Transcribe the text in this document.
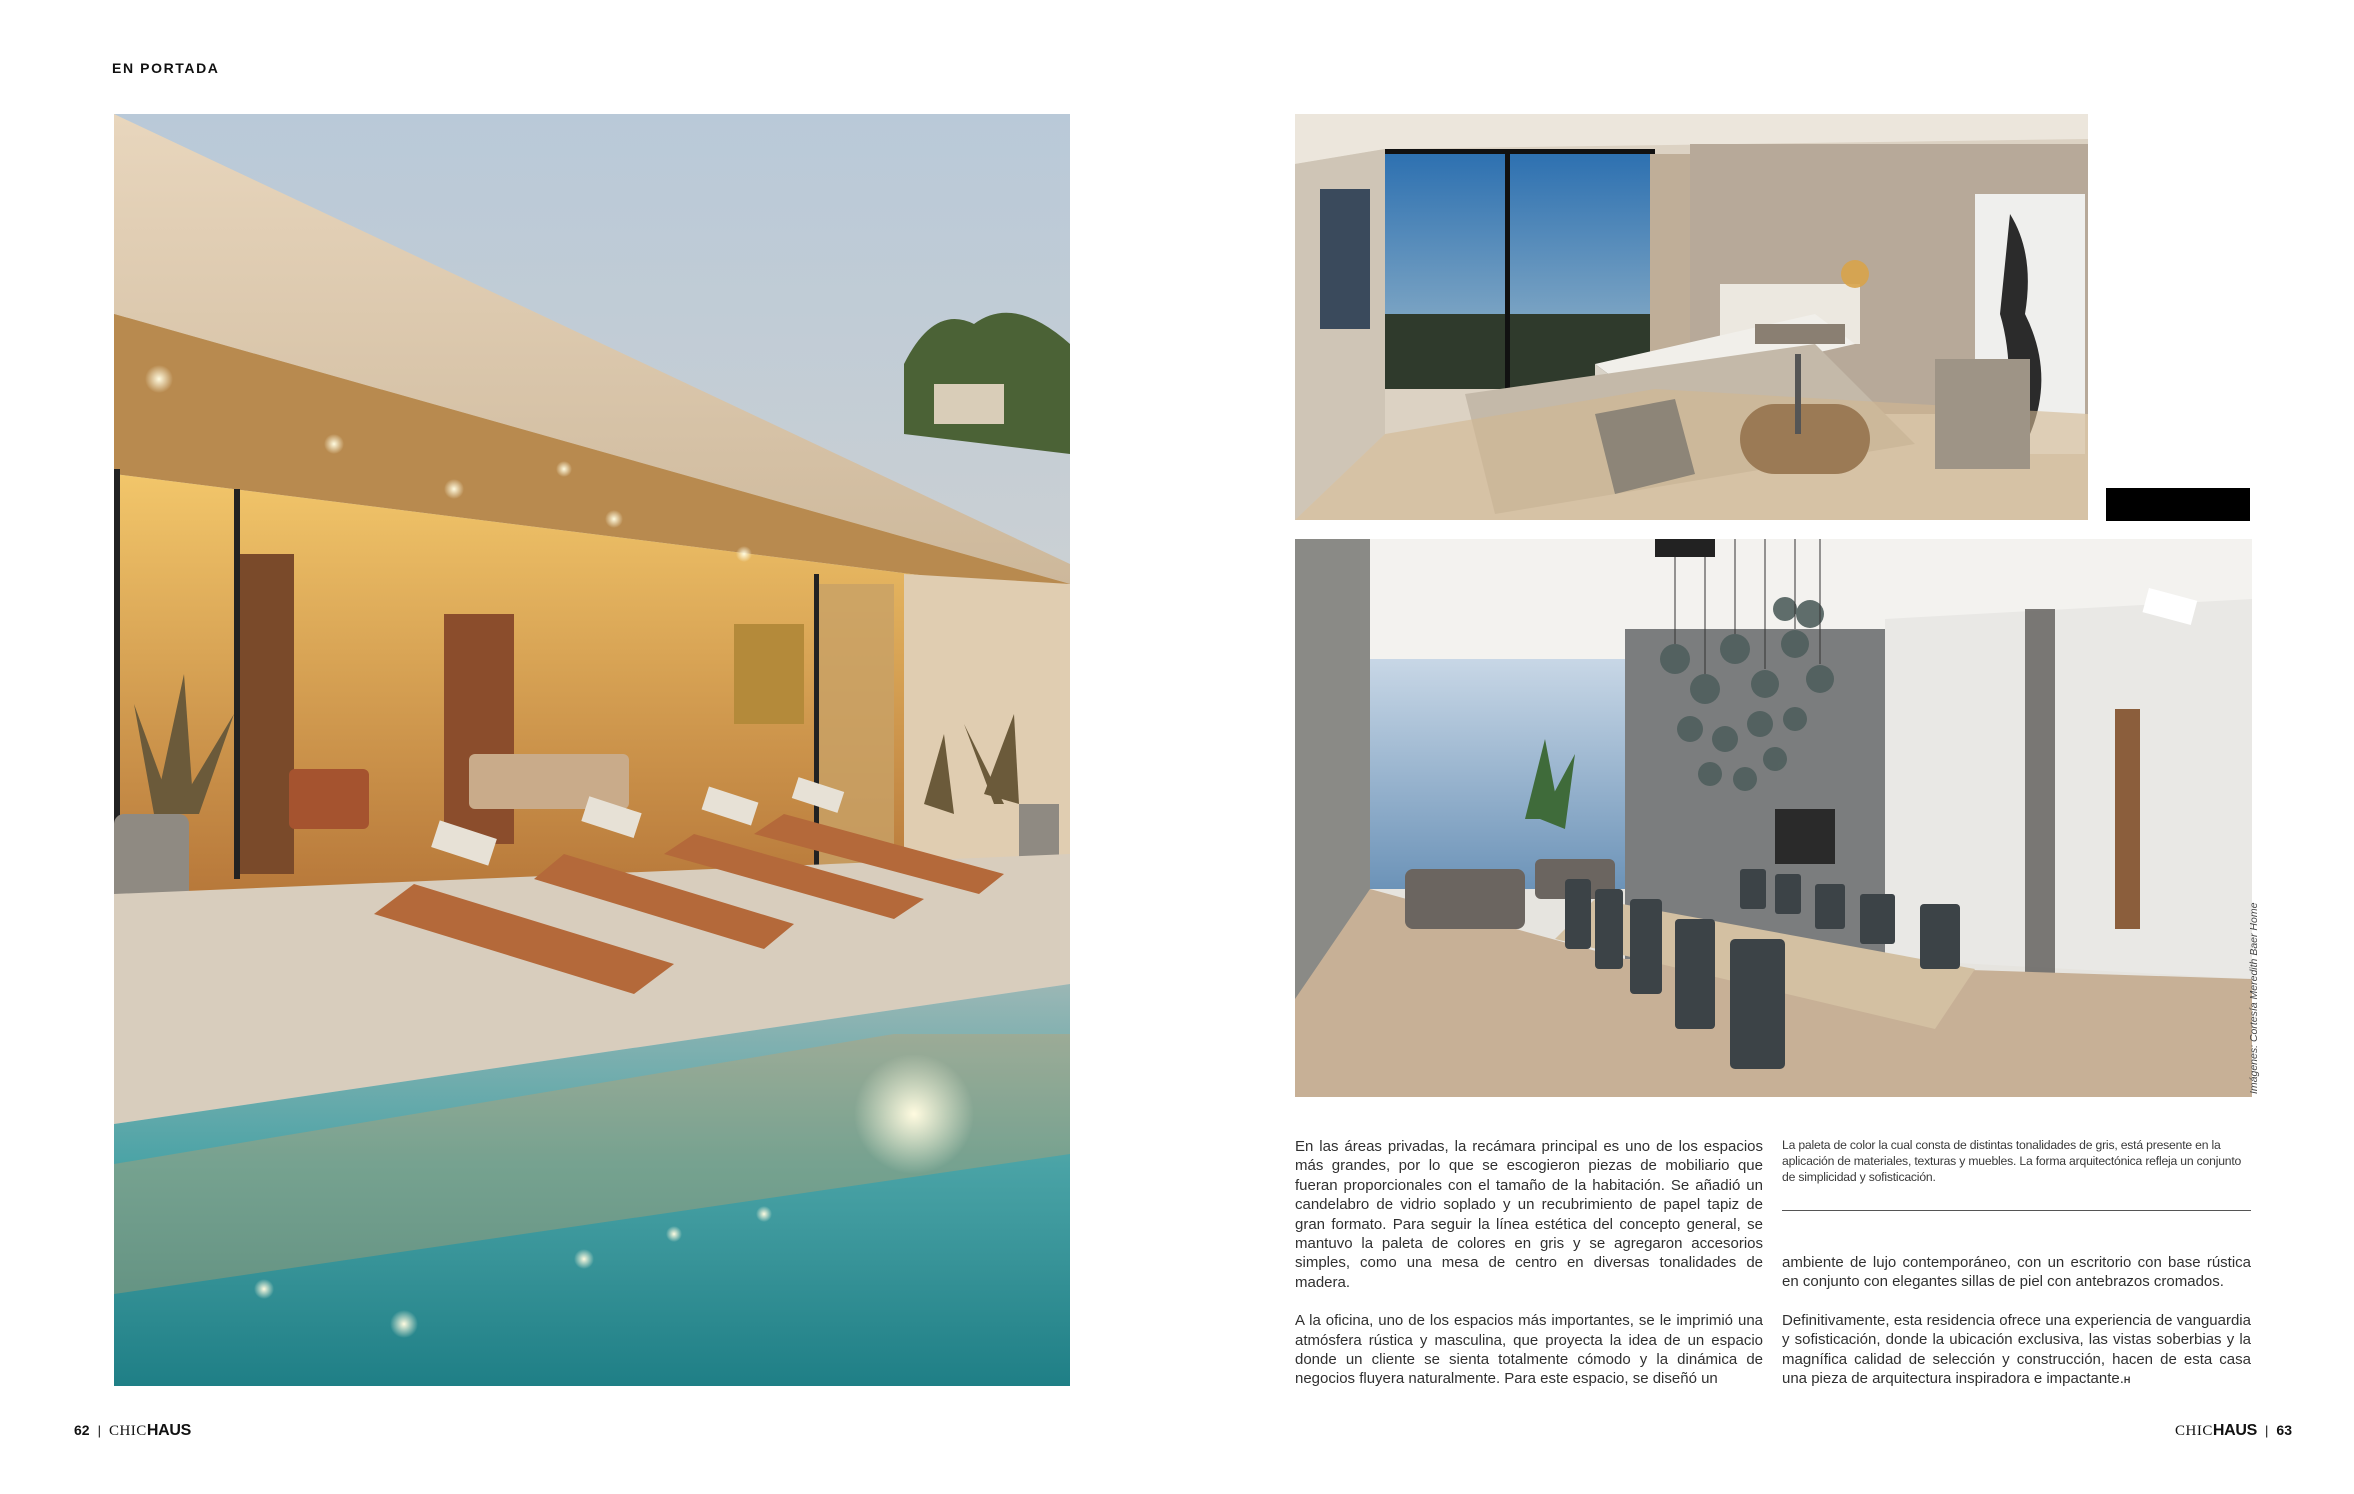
EN PORTADA
Imágenes: Cortesía Meredith Baer Home

En las áreas privadas, la recámara principal es uno de los espacios más grandes, por lo que se escogieron piezas de mobiliario que fueran proporcionales con el tamaño de la habitación. Se añadió un candelabro de vidrio soplado y un recubrimiento de papel tapiz de gran formato. Para seguir la línea estética del concepto general, se mantuvo la paleta de colores en gris y se agregaron accesorios simples, como una mesa de centro en diversas tonalidades de madera.

A la oficina, uno de los espacios más importantes, se le imprimió una atmósfera rústica y masculina, que proyecta la idea de un espacio donde un cliente se sienta totalmente cómodo y la dinámica de negocios fluyera naturalmente. Para este espacio, se diseñó un

La paleta de color la cual consta de distintas tonalidades de gris, está presente en la aplicación de materiales, texturas y muebles. La forma arquitectónica refleja un conjunto de simplicidad y sofisticación.

ambiente de lujo contemporáneo, con un escritorio con base rústica en conjunto con elegantes sillas de piel con antebrazos cromados.

Definitivamente, esta residencia ofrece una experiencia de vanguardia y sofisticación, donde la ubicación exclusiva, las vistas soberbias y la magnífica calidad de selección y construcción, hacen de esta casa una pieza de arquitectura inspiradora e impactante.H

62 | CHICHAUS	CHICHAUS | 63
